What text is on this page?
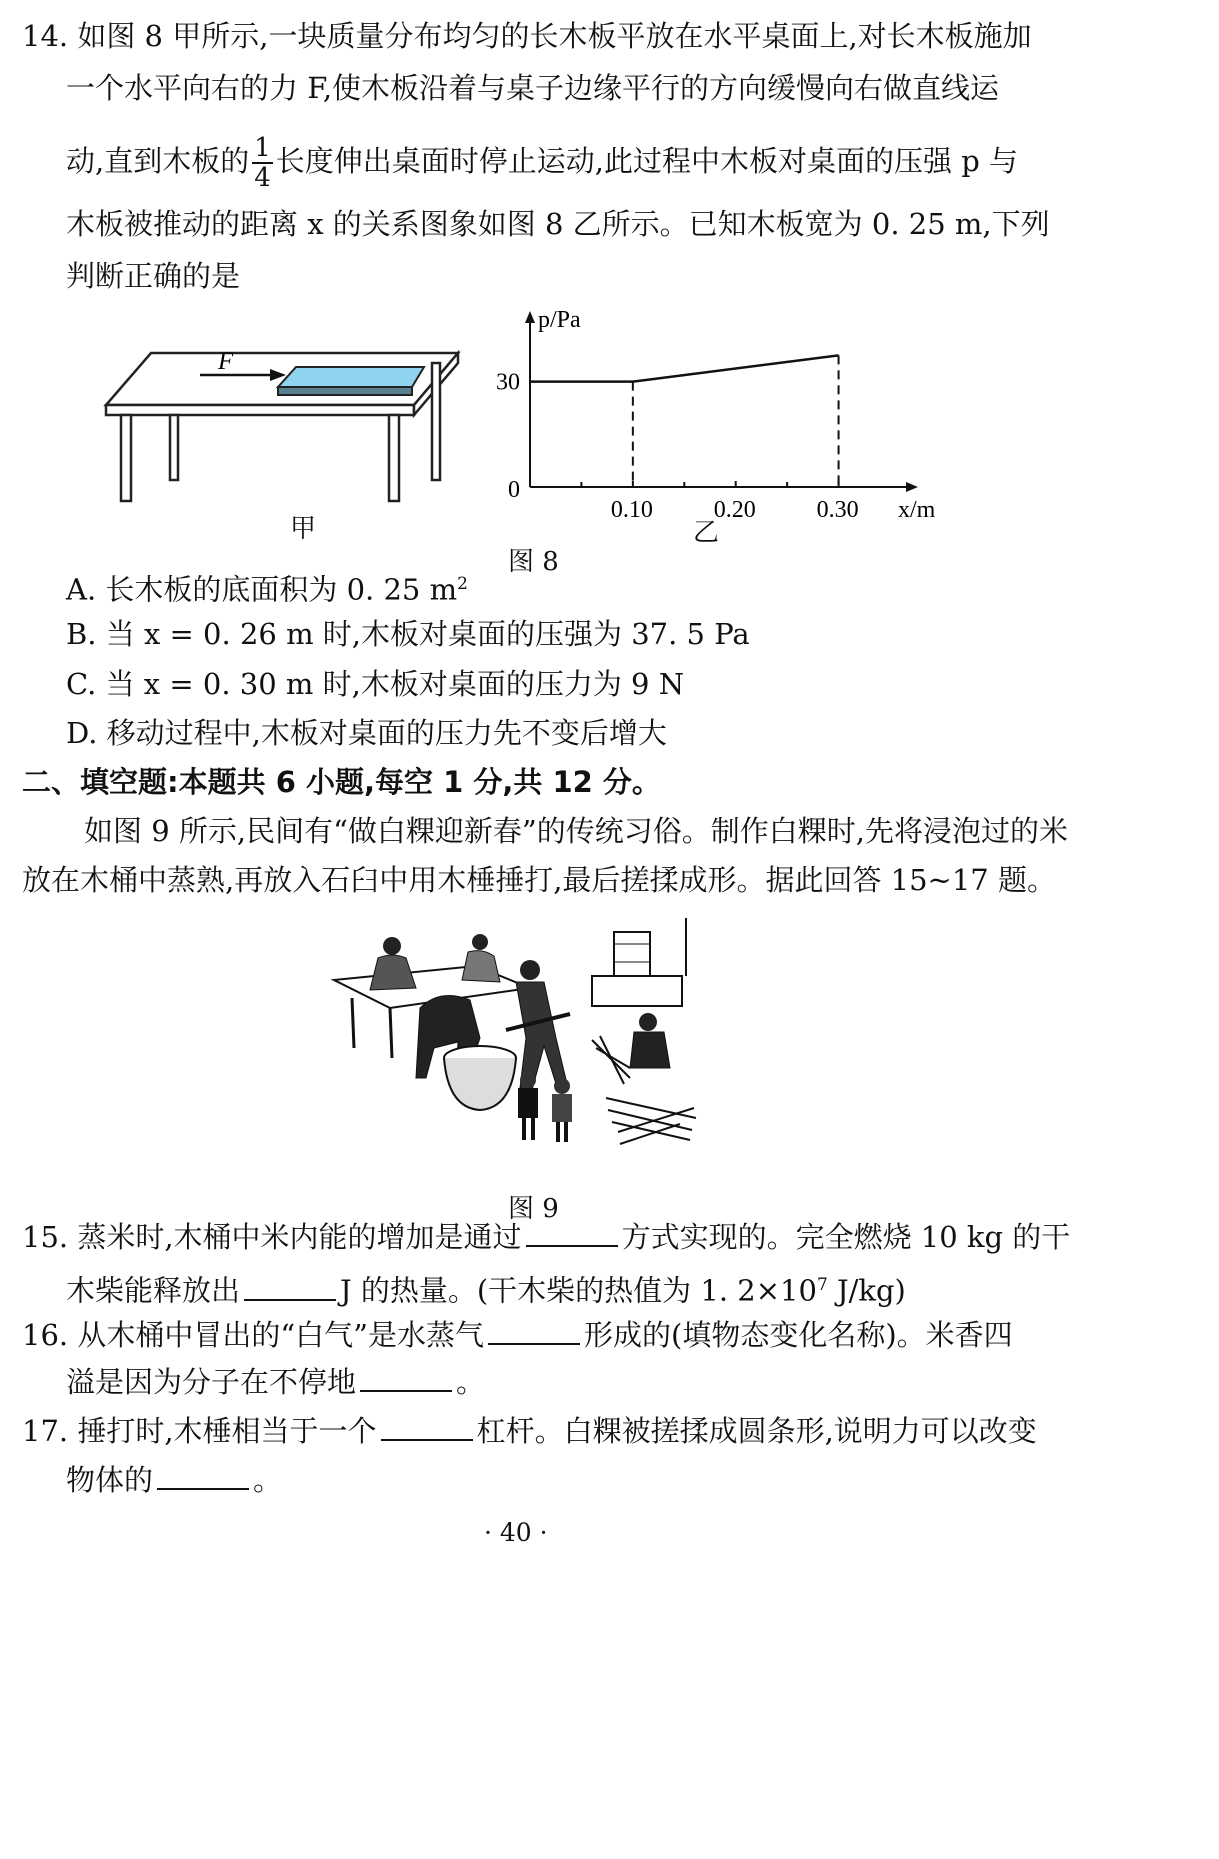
14. 如图 8 甲所示,一块质量分布均匀的长木板平放在水平桌面上,对长木板施加
一个水平向右的力 F,使木板沿着与桌子边缘平行的方向缓慢向右做直线运
动,直到木板的 $\frac{1}{4}$ 长度伸出桌面时停止运动,此过程中木板对桌面的压强 p 与
木板被推动的距离 x 的关系图象如图 8 乙所示。已知木板宽为 0. 25 m,下列
判断正确的是
F
甲
p/Pa
x/m
0
0.10	0.20	0.30
30
乙
图 8
A. 长木板的底面积为 0. 25 $m^2$
B. 当 x = 0. 26 m 时,木板对桌面的压强为 37. 5 Pa
C. 当 x = 0. 30 m 时,木板对桌面的压力为 9 N
D. 移动过程中,木板对桌面的压力先不变后增大
二、填空题:本题共 6 小题,每空 1 分,共 12 分。
如图 9 所示,民间有“做白粿迎新春”的传统习俗。制作白粿时,先将浸泡过的米
放在木桶中蒸熟,再放入石臼中用木棰捶打,最后搓揉成形。据此回答 15~17 题。
图 9
15. 蒸米时,木桶中米内能的增加是通过	方式实现的。完全燃烧 10 kg 的干
木柴能释放出	J 的热量。(干木柴的热值为 1. $2\times 10^7$ J/kg)
16. 从木桶中冒出的“白气”是水蒸气	形成的(填物态变化名称)。米香四
溢是因为分子在不停地	。
17. 捶打时,木棰相当于一个	杠杆。白粿被搓揉成圆条形,说明力可以改变
物体的	。
· 40 ·
